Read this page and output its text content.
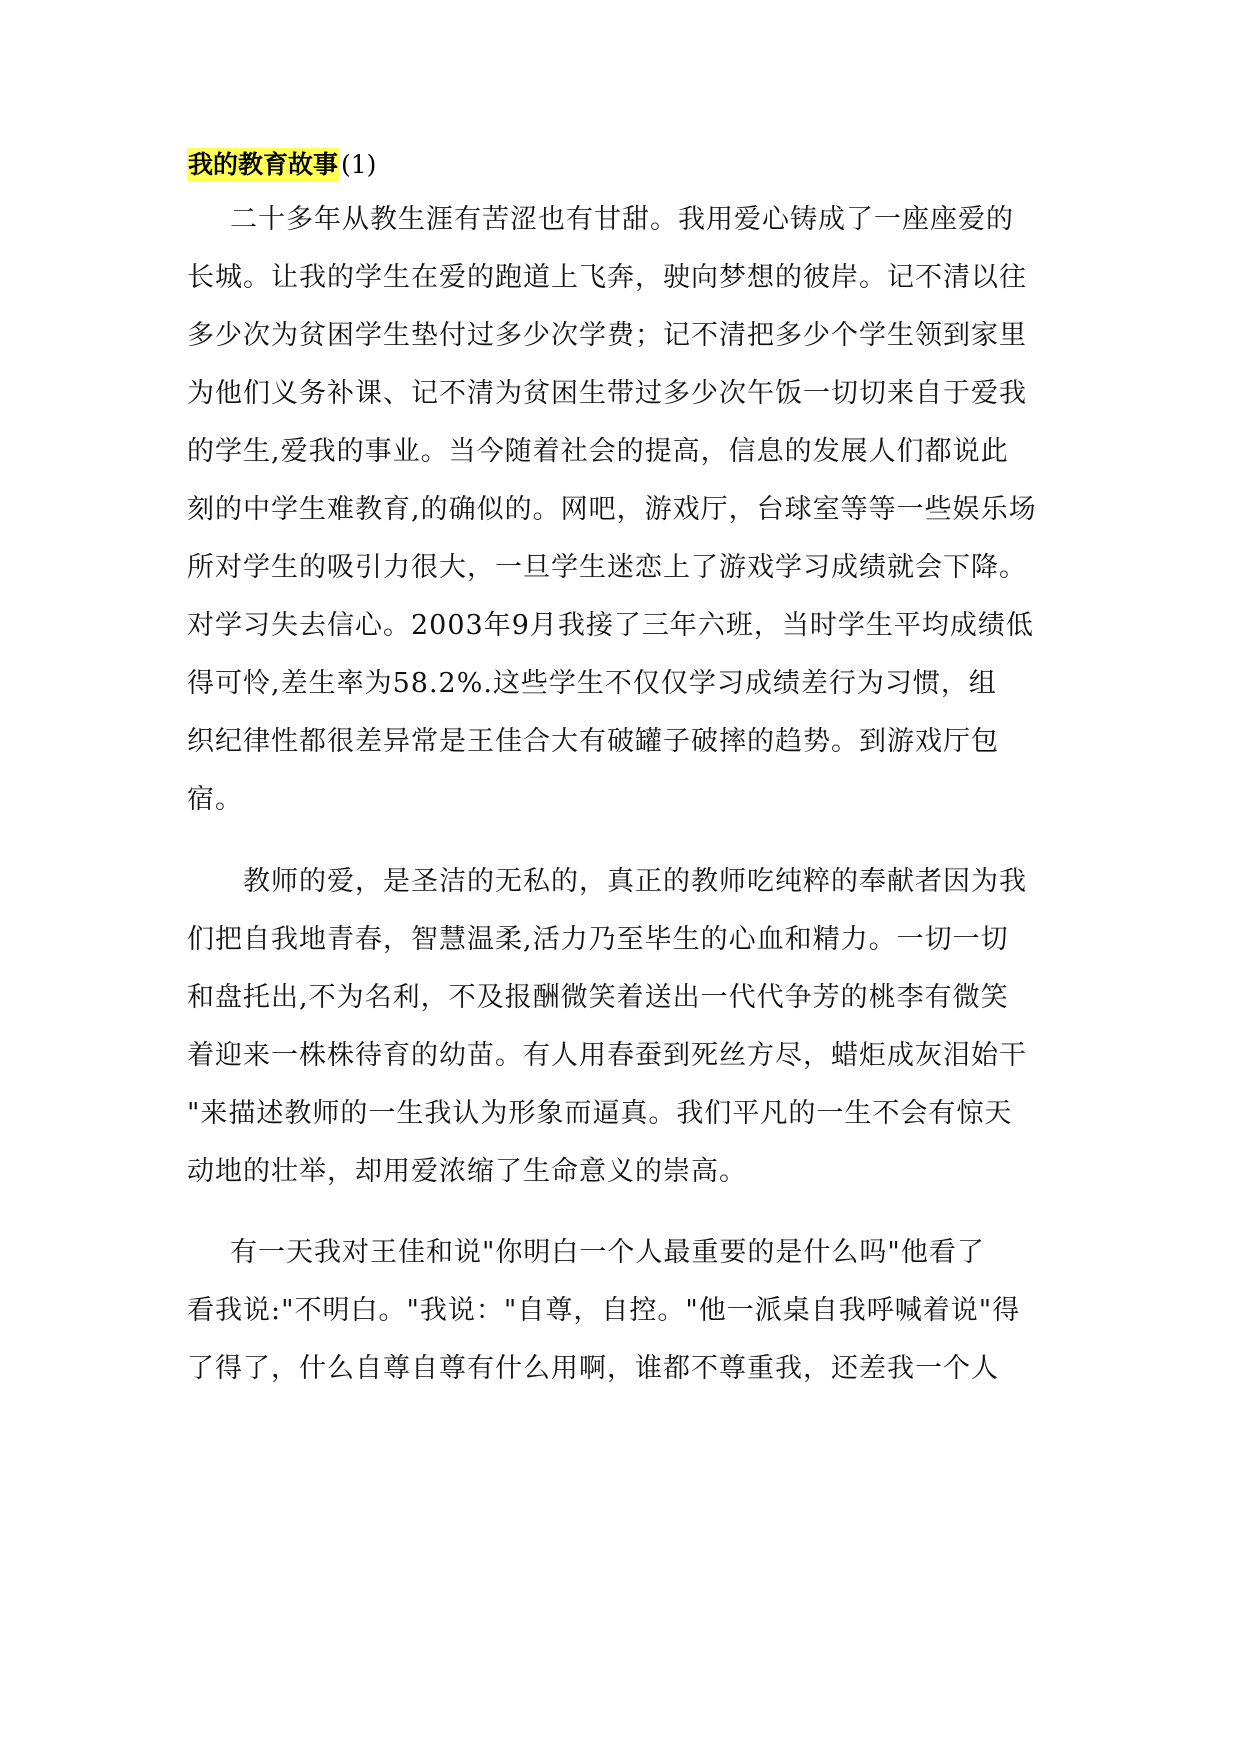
我的教育故事 (1)
二十多年从教生涯有苦涩也有甘甜。我用爱心铸成了一座座爱的
长城。让我的学生在爱的跑道上飞奔，驶向梦想的彼岸。记不清以往
多少次为贫困学生垫付过多少次学费；记不清把多少个学生领到家里
为他们义务补课、记不清为贫困生带过多少次午饭一切切来自于爱我
的学生,爱我的事业。当今随着社会的提高，信息的发展人们都说此
刻的中学生难教育,的确似的。网吧，游戏厅，台球室等等一些娱乐场
所对学生的吸引力很大，一旦学生迷恋上了游戏学习成绩就会下降。
对学习失去信心。2003年9月我接了三年六班，当时学生平均成绩低
得可怜,差生率为58.2%.这些学生不仅仅学习成绩差行为习惯，组
织纪律性都很差异常是王佳合大有破罐子破摔的趋势。到游戏厅包
宿。
教师的爱，是圣洁的无私的，真正的教师吃纯粹的奉献者因为我
们把自我地青春，智慧温柔,活力乃至毕生的心血和精力。一切一切
和盘托出,不为名利，不及报酬微笑着送出一代代争芳的桃李有微笑
着迎来一株株待育的幼苗。有人用春蚕到死丝方尽，蜡炬成灰泪始干
"来描述教师的一生我认为形象而逼真。我们平凡的一生不会有惊天
动地的壮举，却用爱浓缩了生命意义的崇高。
有一天我对王佳和说"你明白一个人最重要的是什么吗"他看了
看我说:"不明白。"我说："自尊，自控。"他一派桌自我呼喊着说"得
了得了，什么自尊自尊有什么用啊，谁都不尊重我，还差我一个人
